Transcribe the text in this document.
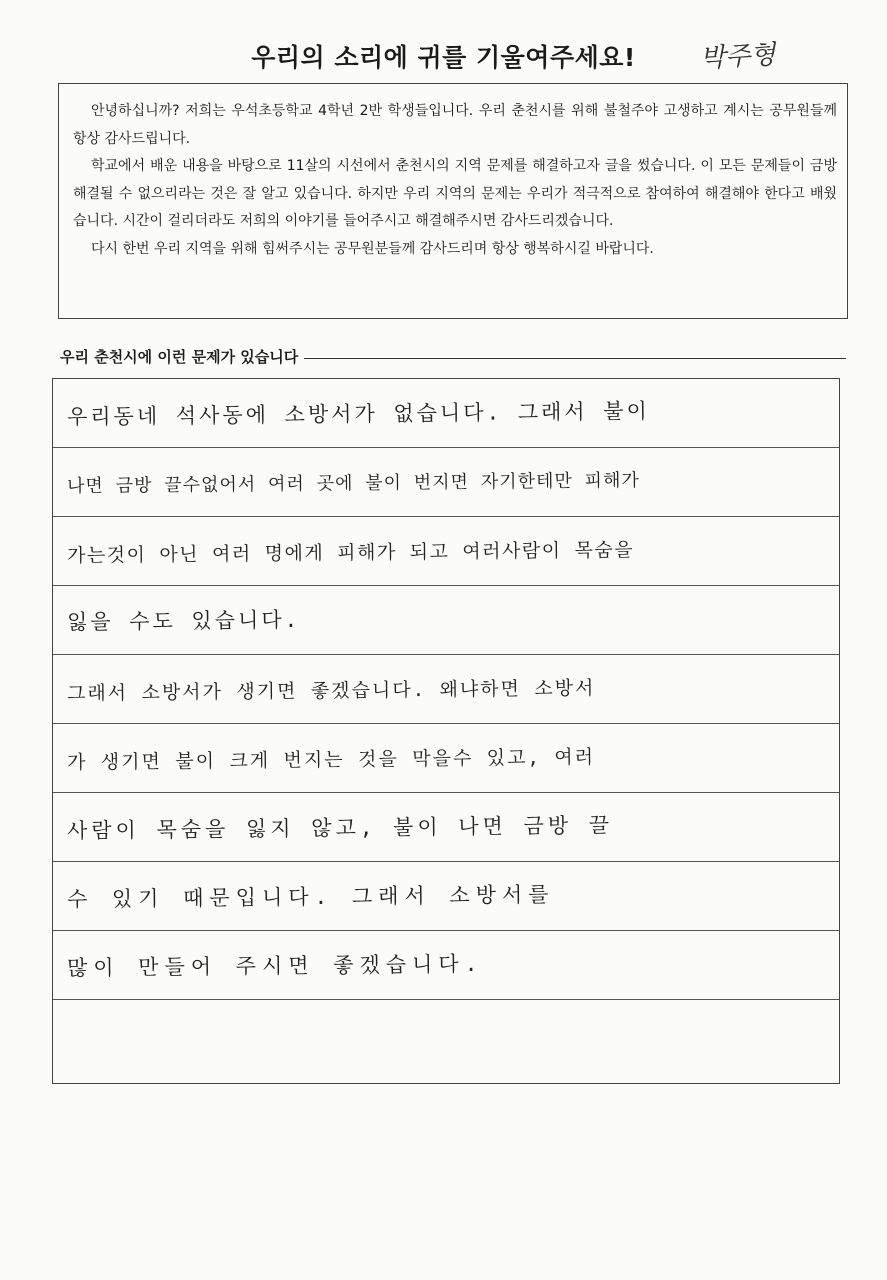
우리의 소리에 귀를 기울여주세요!	박주형

안녕하십니까? 저희는 우석초등학교 4학년 2반 학생들입니다. 우리 춘천시를 위해 불철주야 고생하고 계시는 공무원들께 항상 감사드립니다.

학교에서 배운 내용을 바탕으로 11살의 시선에서 춘천시의 지역 문제를 해결하고자 글을 썼습니다. 이 모든 문제들이 금방 해결될 수 없으리라는 것은 잘 알고 있습니다. 하지만 우리 지역의 문제는 우리가 적극적으로 참여하여 해결해야 한다고 배웠습니다. 시간이 걸리더라도 저희의 이야기를 들어주시고 해결해주시면 감사드리겠습니다.

다시 한번 우리 지역을 위해 힘써주시는 공무원분들께 감사드리며 항상 행복하시길 바랍니다.

우리 춘천시에 이런 문제가 있습니다
우리동네 석사동에 소방서가 없습니다. 그래서 불이
나면 금방 끌수없어서 여러 곳에 불이 번지면 자기한테만 피해가
가는것이 아닌 여러 명에게 피해가 되고 여러사람이 목숨을
잃을 수도 있습니다.
그래서 소방서가 생기면 좋겠습니다. 왜냐하면 소방서
가 생기면 불이 크게 번지는 것을 막을수 있고, 여러
사람이 목숨을 잃지 않고, 불이 나면 금방 끌
수 있기 때문입니다. 그래서 소방서를
많이 만들어 주시면 좋겠습니다.
